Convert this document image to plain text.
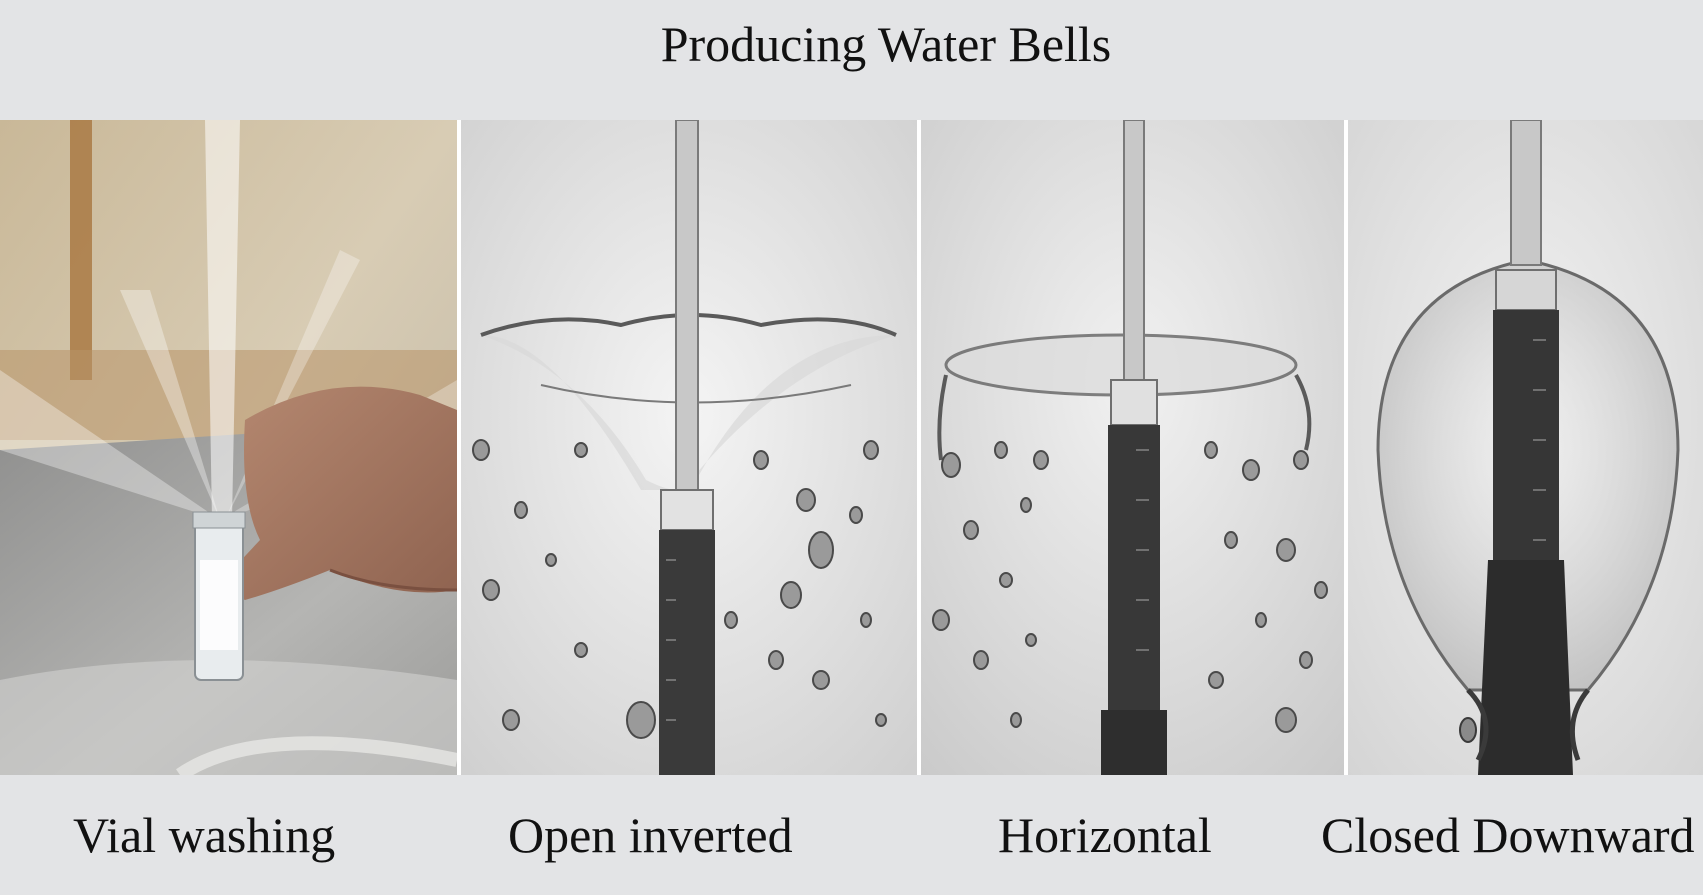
Producing Water Bells
Vial washing	Open inverted	Horizontal Closed Downward
